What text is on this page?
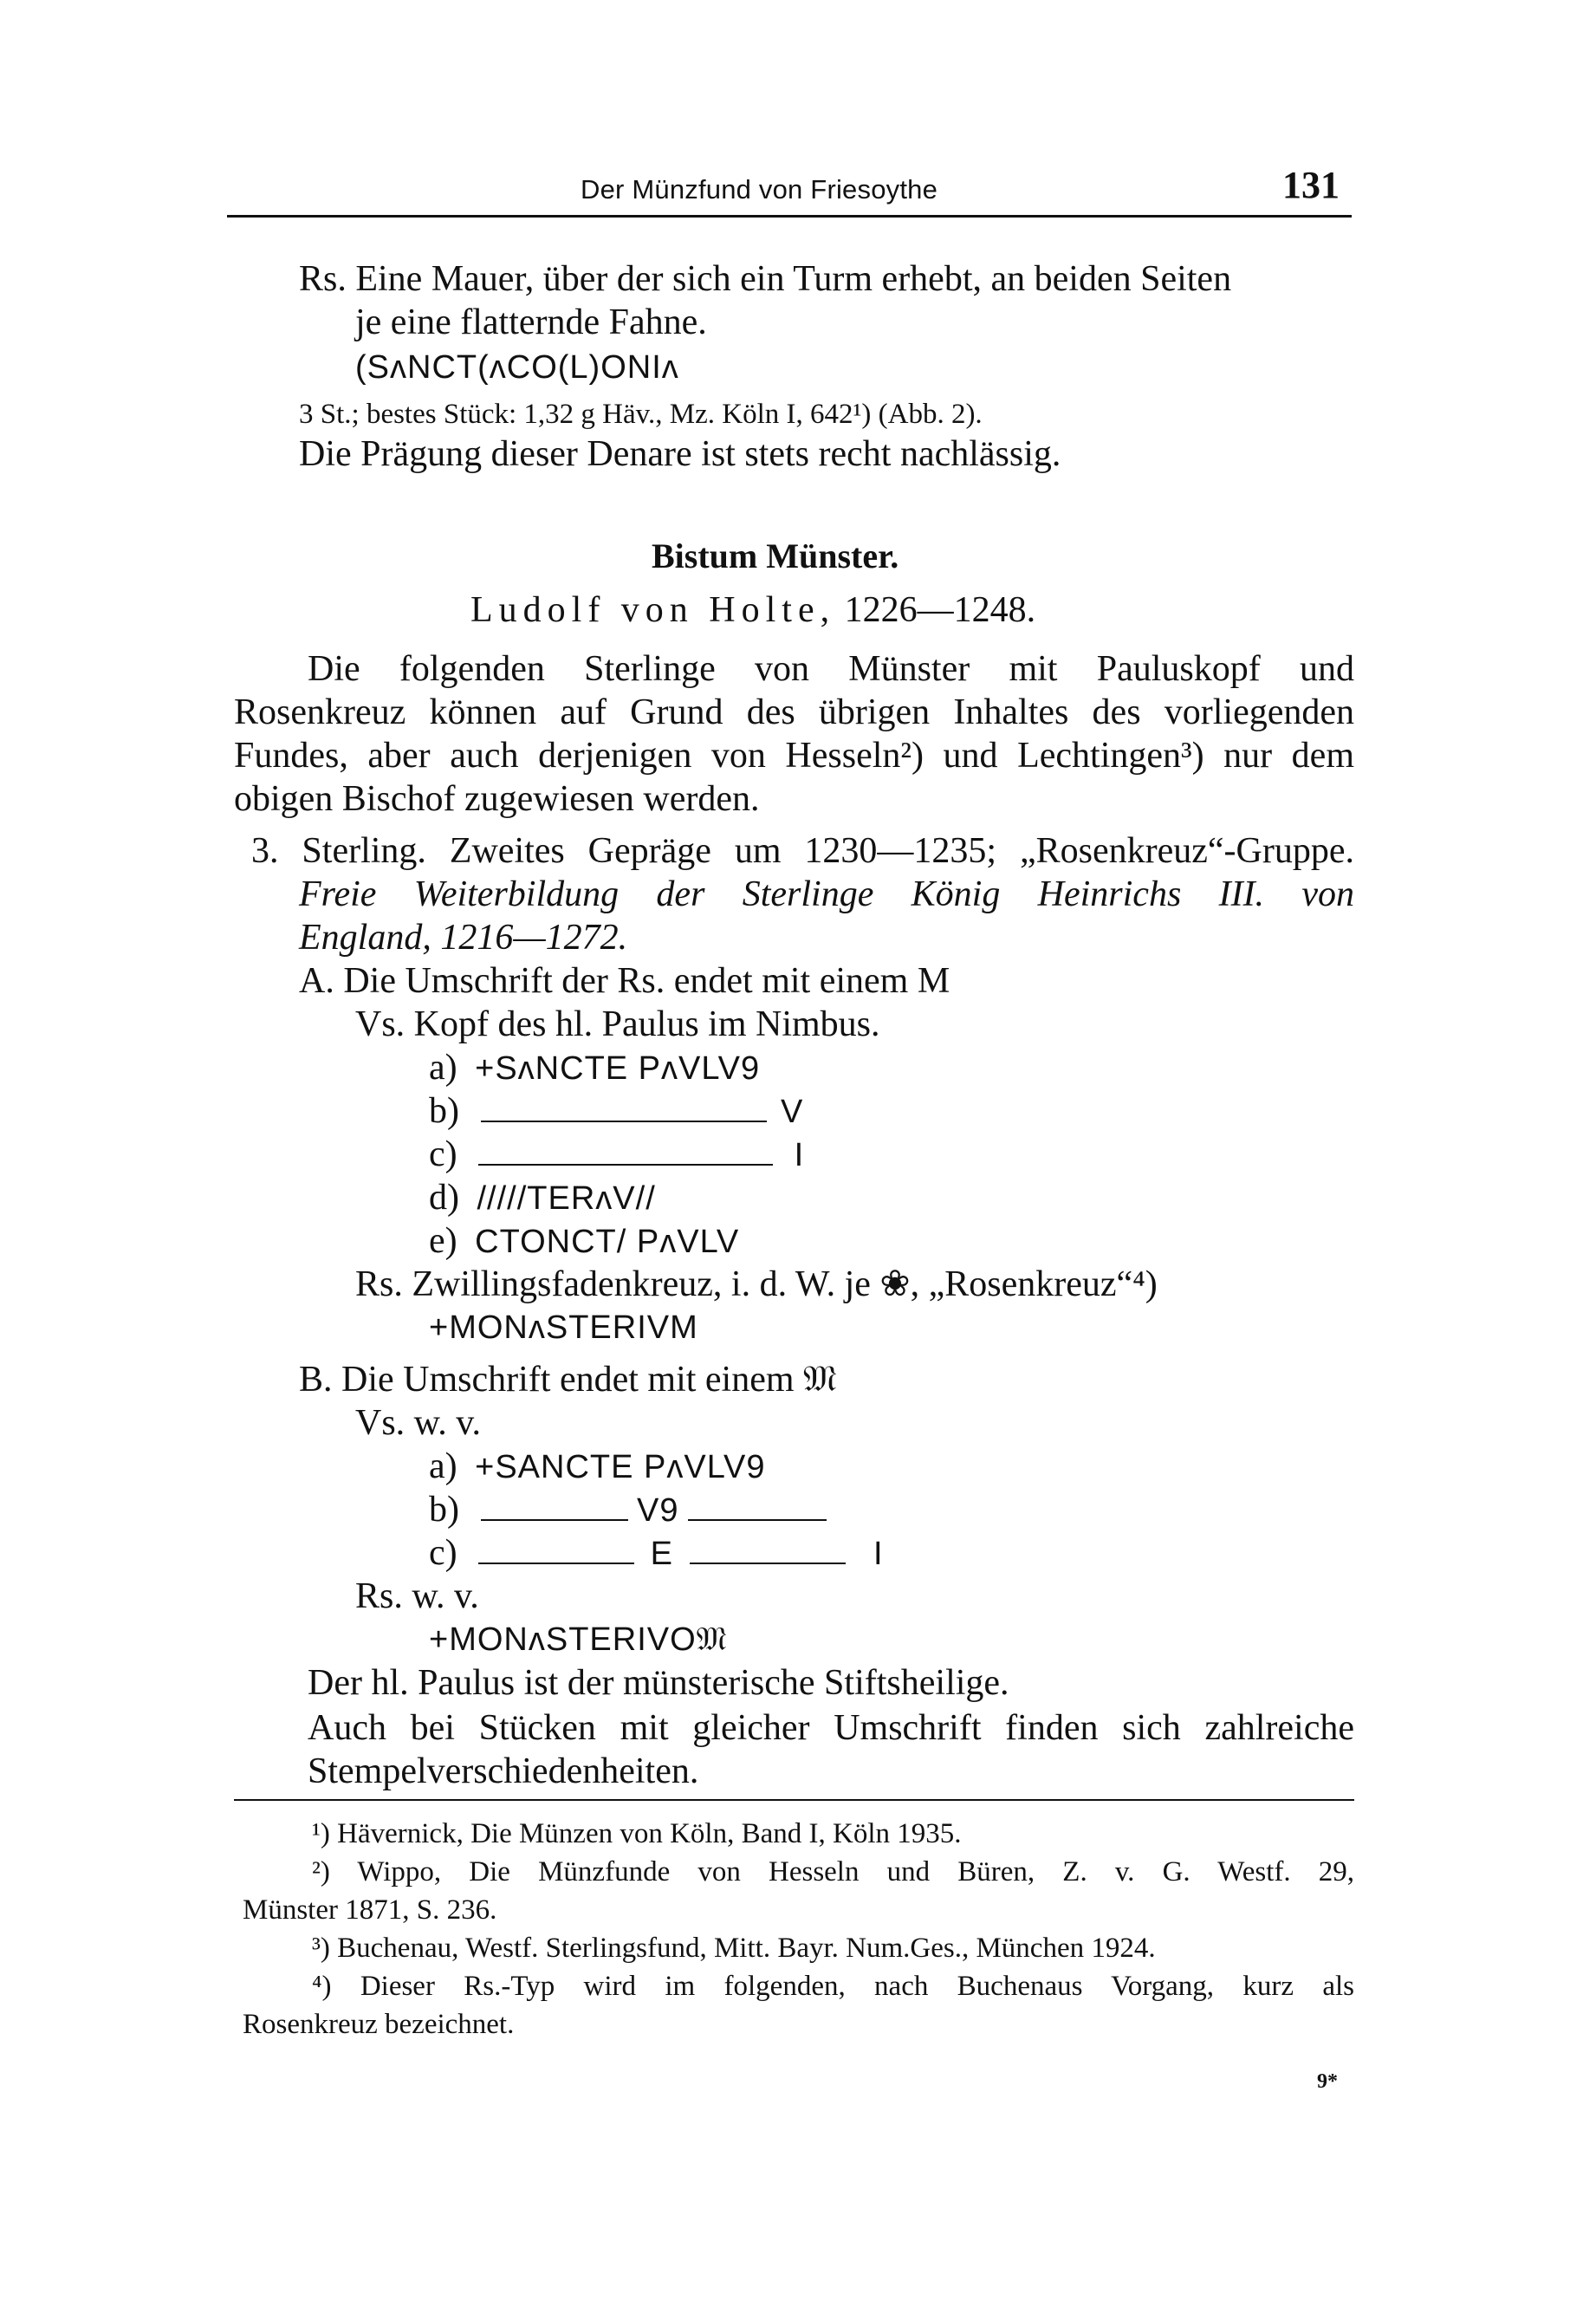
Der Münzfund von Friesoythe	131
Rs. Eine Mauer, über der sich ein Turm erhebt, an beiden Seiten
je eine flatternde Fahne.
(SᴧNCT(ᴧCO(L)ONIᴧ
3 St.; bestes Stück: 1,32 g Häv., Mz. Köln I, 642¹) (Abb. 2).
Die Prägung dieser Denare ist stets recht nachlässig.
Bistum Münster.
Ludolf von Holte, 1226—1248.
Die folgenden Sterlinge von Münster mit Pauluskopf und
Rosenkreuz können auf Grund des übrigen Inhaltes des vorliegenden
Fundes, aber auch derjenigen von Hesseln²) und Lechtingen³) nur dem
obigen Bischof zugewiesen werden.
3. Sterling. Zweites Gepräge um 1230—1235; „Rosenkreuz“-Gruppe.
Freie Weiterbildung der Sterlinge König Heinrichs III. von
England, 1216—1272.
A. Die Umschrift der Rs. endet mit einem M
Vs. Kopf des hl. Paulus im Nimbus.
a) +SᴧNCTE PᴧVLV9
b)	V
c)	I
d) /////TERᴧV//
e) CTONCT/ PᴧVLV
Rs. Zwillingsfadenkreuz, i. d. W. je ❀, „Rosenkreuz“⁴)
+MONᴧSTERIVM
B. Die Umschrift endet mit einem 𝔐
Vs. w. v.
a) +SANCTE PᴧVLV9
b)	V9
c)	E	I
Rs. w. v.
+MONᴧSTERIVO𝔐
Der hl. Paulus ist der münsterische Stiftsheilige.
Auch bei Stücken mit gleicher Umschrift finden sich zahlreiche
Stempelverschiedenheiten.
¹) Hävernick, Die Münzen von Köln, Band I, Köln 1935.
²) Wippo, Die Münzfunde von Hesseln und Büren, Z. v. G. Westf. 29,
Münster 1871, S. 236.
³) Buchenau, Westf. Sterlingsfund, Mitt. Bayr. Num.Ges., München 1924.
⁴) Dieser Rs.-Typ wird im folgenden, nach Buchenaus Vorgang, kurz als
Rosenkreuz bezeichnet.
9*
